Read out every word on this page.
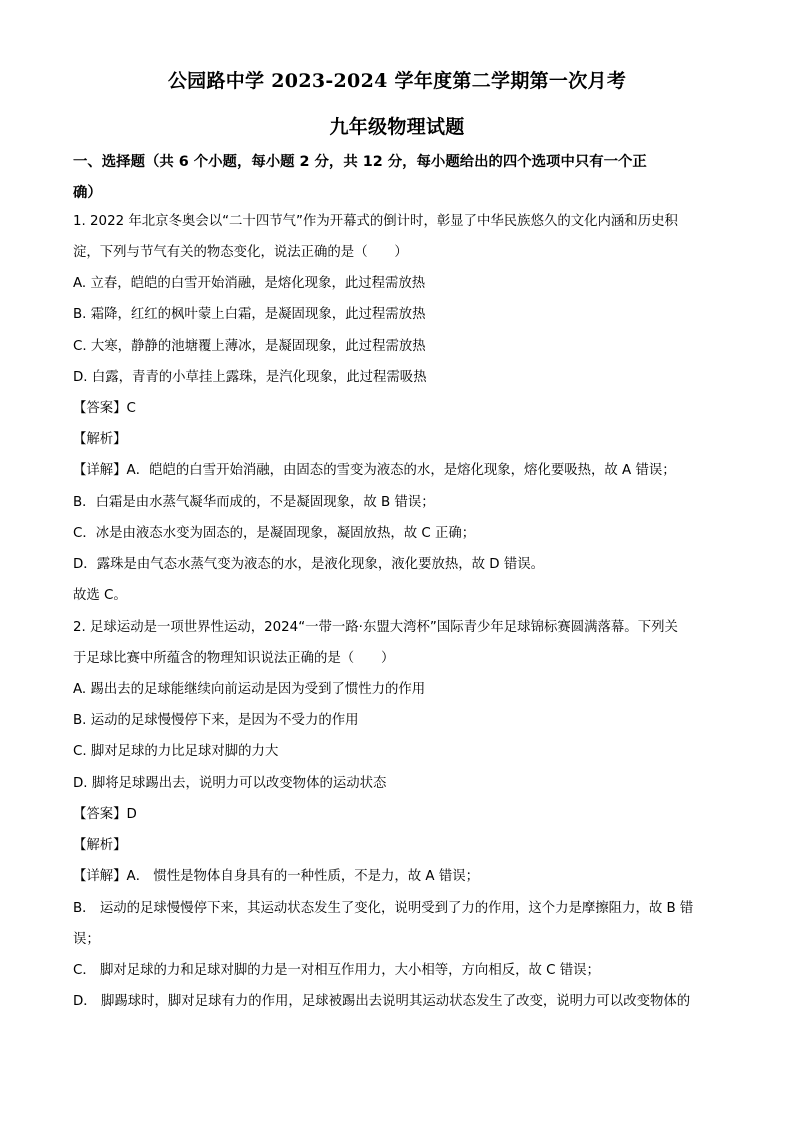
公园路中学 2023-2024 学年度第二学期第一次月考
九年级物理试题
一、选择题（共 6 个小题，每小题 2 分，共 12 分，每小题给出的四个选项中只有一个正
确）
1. 2022 年北京冬奥会以“二十四节气”作为开幕式的倒计时，彰显了中华民族悠久的文化内涵和历史积
淀，下列与节气有关的物态变化，说法正确的是（　　）
A. 立春，皑皑的白雪开始消融，是熔化现象，此过程需放热
B. 霜降，红红的枫叶蒙上白霜，是凝固现象，此过程需放热
C. 大寒，静静的池塘覆上薄冰，是凝固现象，此过程需放热
D. 白露，青青的小草挂上露珠，是汽化现象，此过程需吸热
【答案】C
【解析】
【详解】A．皑皑的白雪开始消融，由固态的雪变为液态的水，是熔化现象，熔化要吸热，故 A 错误；
B．白霜是由水蒸气凝华而成的，不是凝固现象，故 B 错误；
C．冰是由液态水变为固态的，是凝固现象，凝固放热，故 C 正确；
D．露珠是由气态水蒸气变为液态的水，是液化现象，液化要放热，故 D 错误。
故选 C。
2. 足球运动是一项世界性运动，2024“一带一路·东盟大湾杯”国际青少年足球锦标赛圆满落幕。下列关
于足球比赛中所蕴含的物理知识说法正确的是（　　）
A. 踢出去的足球能继续向前运动是因为受到了惯性力的作用
B. 运动的足球慢慢停下来，是因为不受力的作用
C. 脚对足球的力比足球对脚的力大
D. 脚将足球踢出去，说明力可以改变物体的运动状态
【答案】D
【解析】
【详解】A． 惯性是物体自身具有的一种性质，不是力，故 A 错误；
B． 运动的足球慢慢停下来，其运动状态发生了变化，说明受到了力的作用，这个力是摩擦阻力，故 B 错
误；
C． 脚对足球的力和足球对脚的力是一对相互作用力，大小相等，方向相反，故 C 错误；
D． 脚踢球时，脚对足球有力的作用，足球被踢出去说明其运动状态发生了改变，说明力可以改变物体的
